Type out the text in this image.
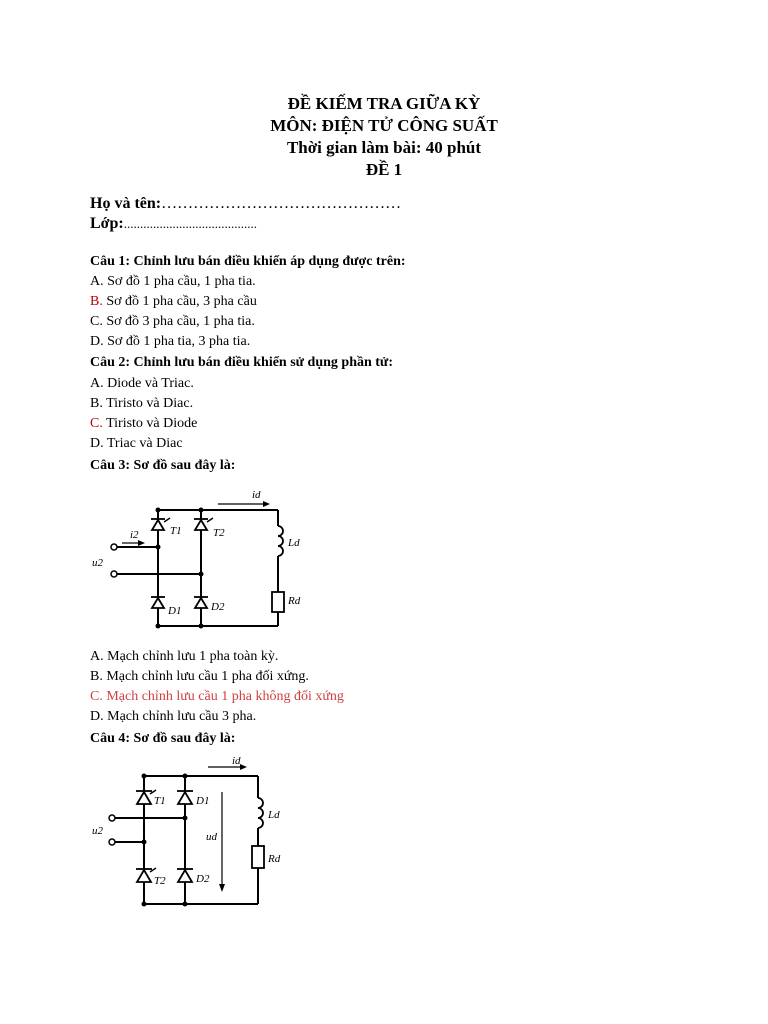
ĐỀ KIẾM TRA GIỮA KỲ
MÔN: ĐIỆN TỬ CÔNG SUẤT
Thời gian làm bài: 40 phút
ĐỀ 1
Họ và tên:………………………………………
Lớp:.........................................
Câu 1: Chỉnh lưu bán điều khiển áp dụng được trên:
A. Sơ đồ 1 pha cầu, 1 pha tia.
B. Sơ đồ 1 pha cầu, 3 pha cầu
C. Sơ đồ 3 pha cầu, 1 pha tia.
D. Sơ đồ 1 pha tia, 3 pha tia.
Câu 2: Chỉnh lưu bán điều khiển sử dụng phần tử:
A. Diode và Triac.
B. Tiristo và Diac.
C. Tiristo và Diode
D. Triac và Diac
Câu 3: Sơ đồ sau đây là:
id
i2
u2
T1	T2
Ld
Rd
D1	D2
A. Mạch chỉnh lưu 1 pha toàn kỳ.
B. Mạch chỉnh lưu cầu 1 pha đối xứng.
C. Mạch chỉnh lưu cầu 1 pha không đối xứng
D. Mạch chỉnh lưu cầu 3 pha.
Câu 4: Sơ đồ sau đây là:
id
u2
T1	D1
ud
Ld
Rd
T2	D2
